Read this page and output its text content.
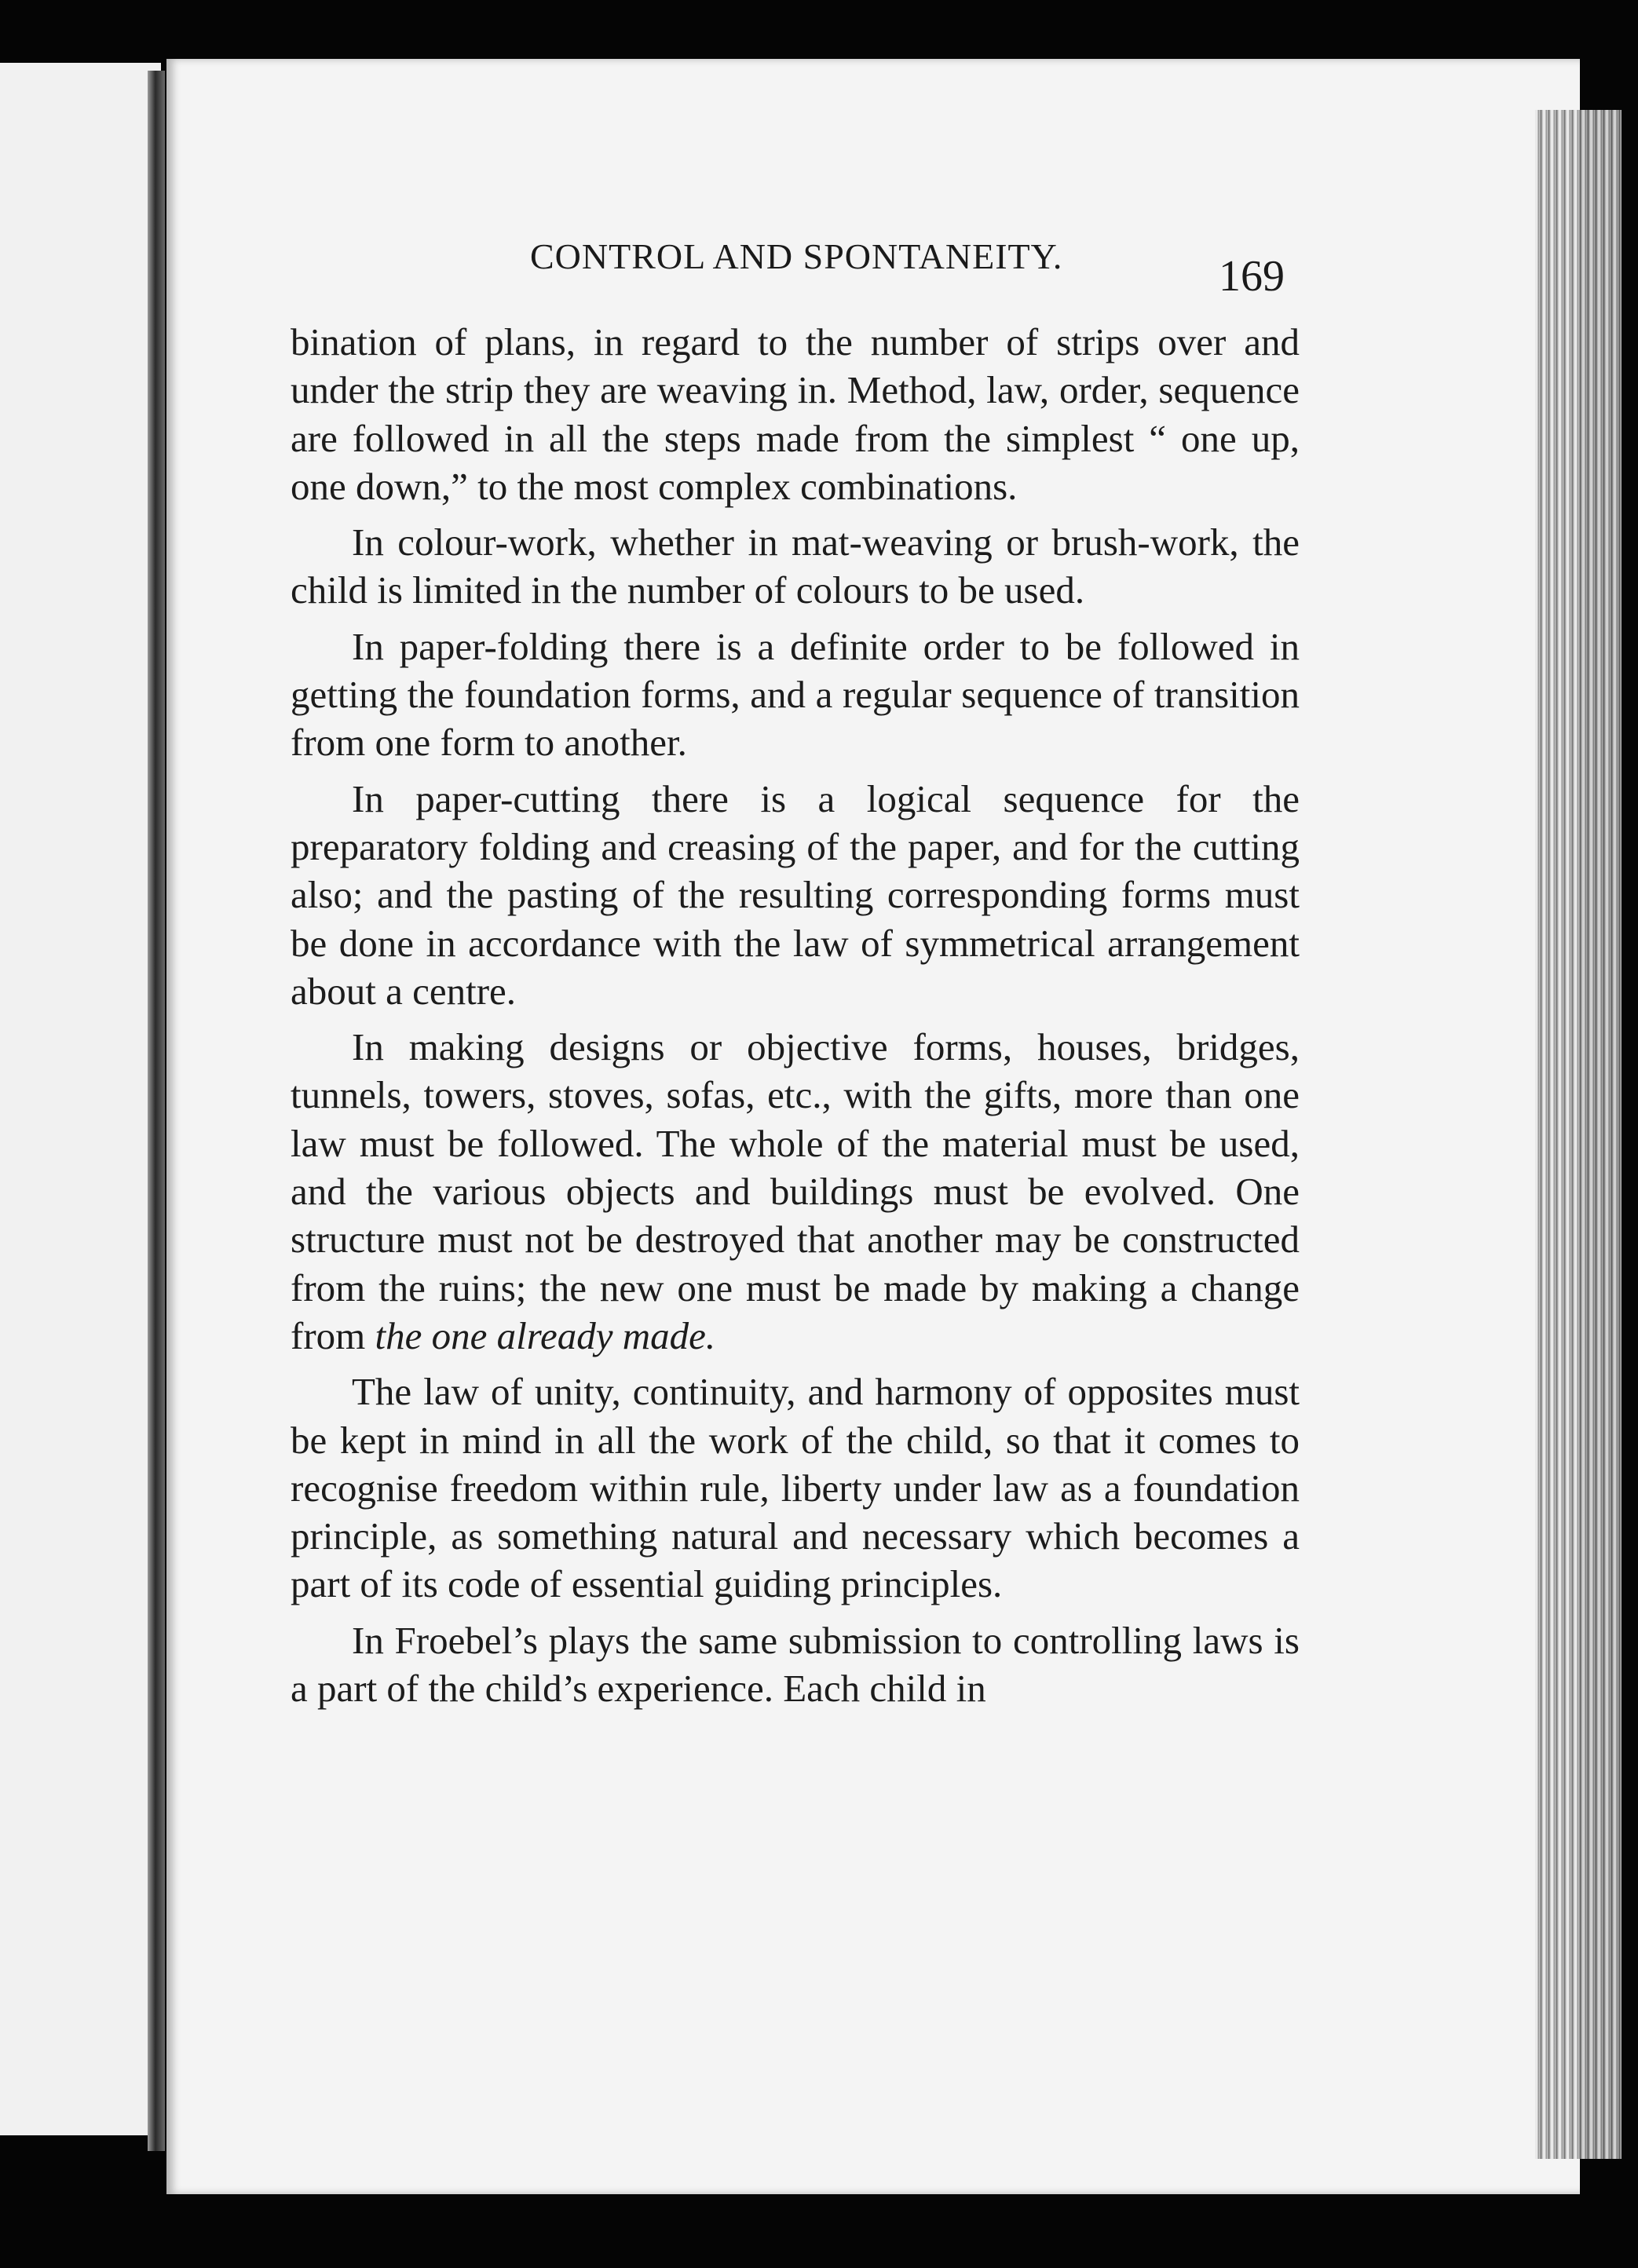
CONTROL AND SPONTANEITY.	169

bination of plans, in regard to the number of strips over and under the strip they are weaving in. Method, law, order, sequence are followed in all the steps made from the simplest “ one up, one down,” to the most complex combinations.

In colour-work, whether in mat-weaving or brush-work, the child is limited in the number of colours to be used.

In paper-folding there is a definite order to be followed in getting the foundation forms, and a regular sequence of transition from one form to another.

In paper-cutting there is a logical sequence for the preparatory folding and creasing of the paper, and for the cutting also; and the pasting of the resulting corresponding forms must be done in accordance with the law of symmetrical arrangement about a centre.

In making designs or objective forms, houses, bridges, tunnels, towers, stoves, sofas, etc., with the gifts, more than one law must be followed. The whole of the material must be used, and the various objects and buildings must be evolved. One structure must not be destroyed that another may be constructed from the ruins; the new one must be made by making a change from the one already made.

The law of unity, continuity, and harmony of opposites must be kept in mind in all the work of the child, so that it comes to recognise freedom within rule, liberty under law as a foundation principle, as something natural and necessary which becomes a part of its code of essential guiding principles.

In Froebel’s plays the same submission to controlling laws is a part of the child’s experience. Each child in
